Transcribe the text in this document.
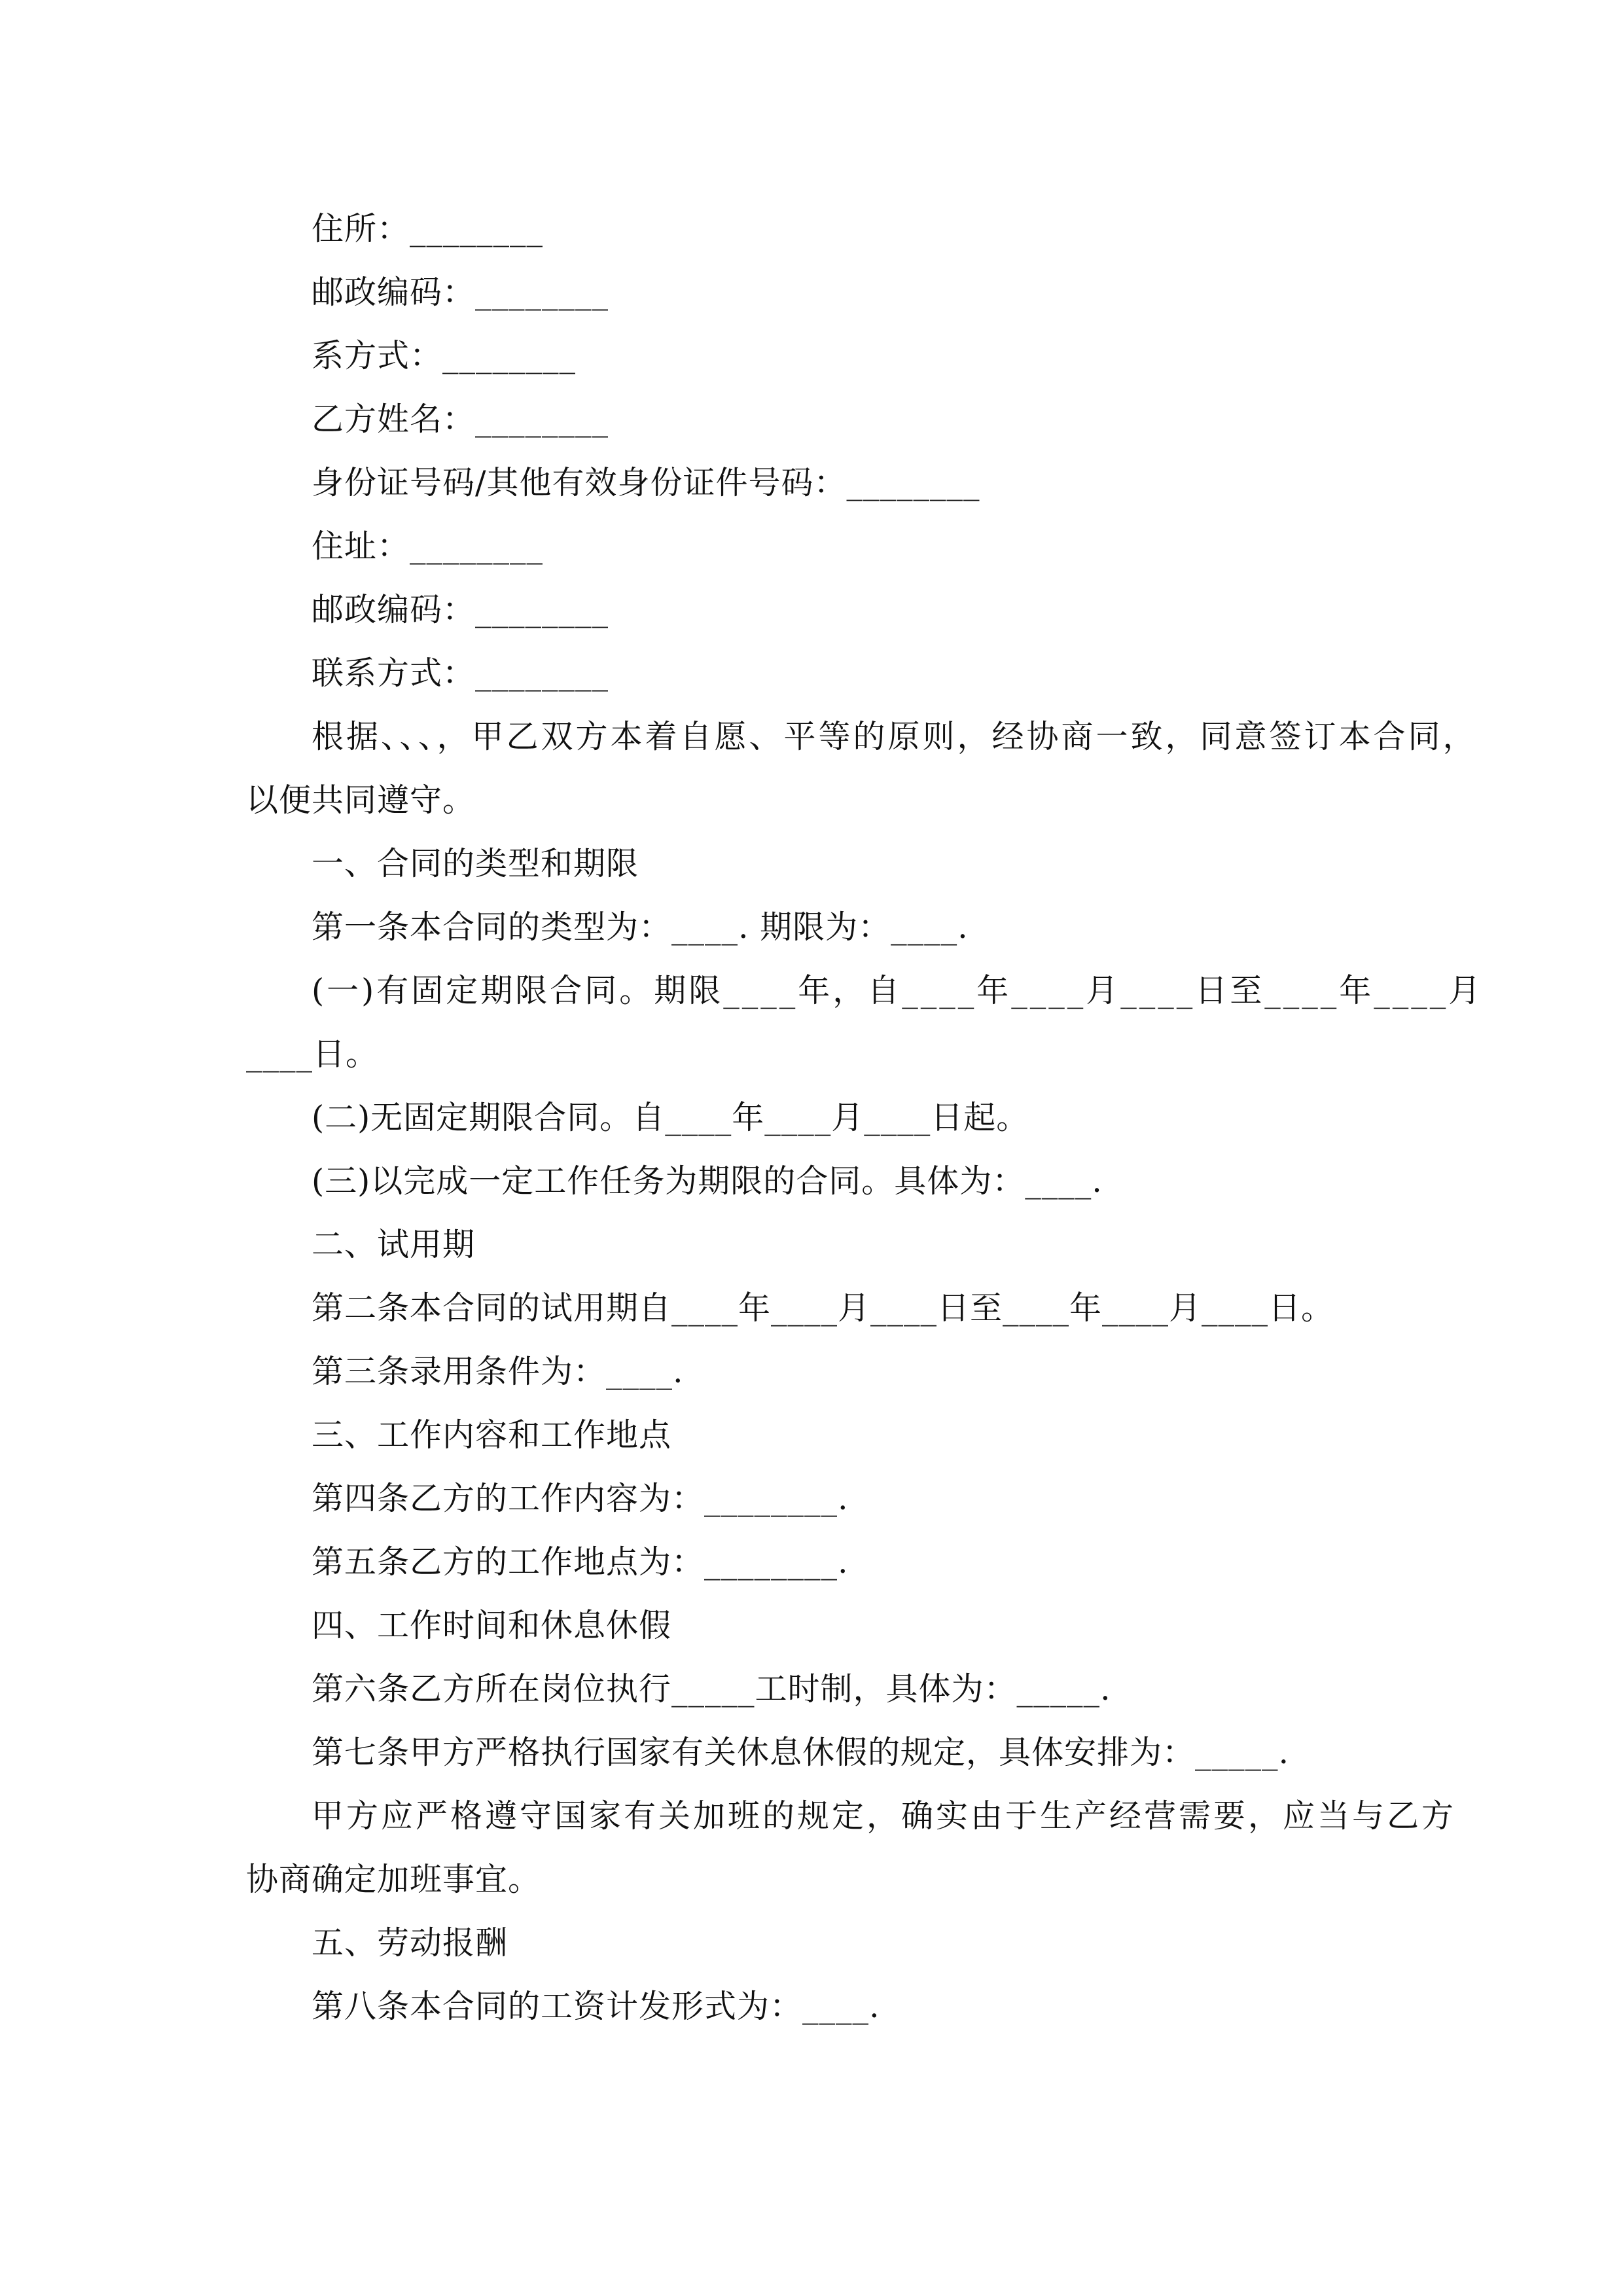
住所：________
邮政编码：________
系方式：________
乙方姓名：________
身份证号码/其他有效身份证件号码：________
住址：________
邮政编码：________
联系方式：________
根据、、、，甲乙双方本着自愿、平等的原则，经协商一致，同意签订本合同，
以便共同遵守。
一、合同的类型和期限
第一条本合同的类型为：____. 期限为：____.
(一)有固定期限合同。期限____年，自____年____月____日至____年____月
____日。
(二)无固定期限合同。自____年____月____日起。
(三)以完成一定工作任务为期限的合同。具体为：____.
二、试用期
第二条本合同的试用期自____年____月____日至____年____月____日。
第三条录用条件为：____.
三、工作内容和工作地点
第四条乙方的工作内容为：________.
第五条乙方的工作地点为：________.
四、工作时间和休息休假
第六条乙方所在岗位执行_____工时制，具体为：_____.
第七条甲方严格执行国家有关休息休假的规定，具体安排为：_____.
甲方应严格遵守国家有关加班的规定，确实由于生产经营需要，应当与乙方
协商确定加班事宜。
五、劳动报酬
第八条本合同的工资计发形式为：____.
